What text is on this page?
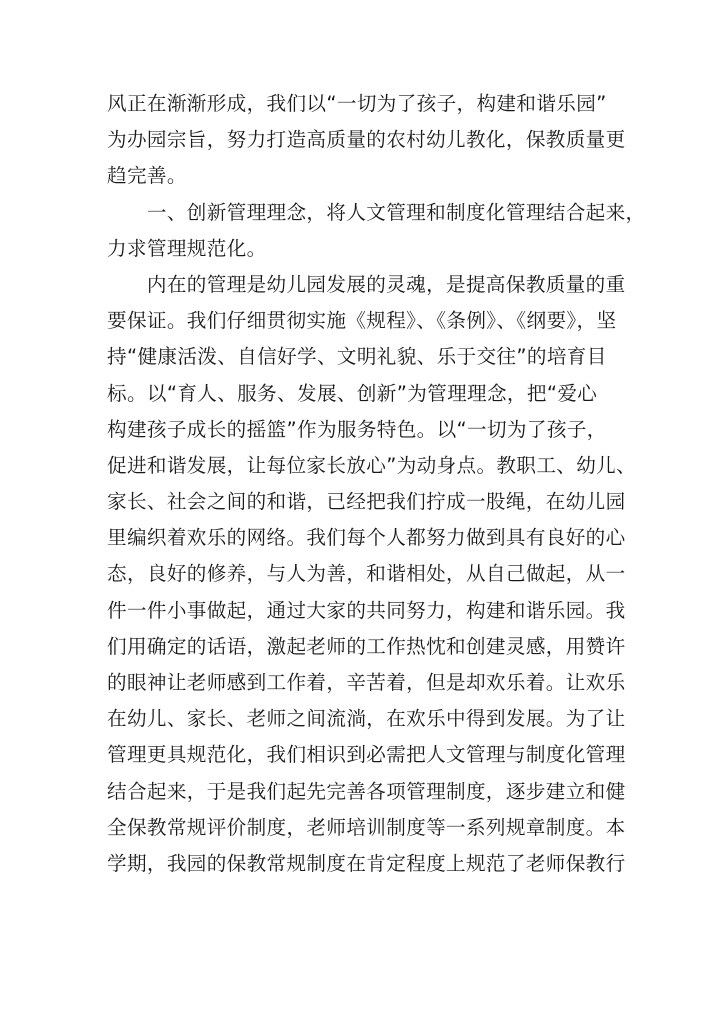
风正在渐渐形成，我们以“一切为了孩子，构建和谐乐园”
为办园宗旨，努力打造高质量的农村幼儿教化，保教质量更
趋完善。
　　一、创新管理理念，将人文管理和制度化管理结合起来，
力求管理规范化。
　　内在的管理是幼儿园发展的灵魂，是提高保教质量的重
要保证。我们仔细贯彻实施《规程》、《条例》、《纲要》，坚
持“健康活泼、自信好学、文明礼貌、乐于交往”的培育目
标。以“育人、服务、发展、创新”为管理理念，把“爱心
构建孩子成长的摇篮”作为服务特色。以“一切为了孩子，
促进和谐发展，让每位家长放心”为动身点。教职工、幼儿、
家长、社会之间的和谐，已经把我们拧成一股绳，在幼儿园
里编织着欢乐的网络。我们每个人都努力做到具有良好的心
态，良好的修养，与人为善，和谐相处，从自己做起，从一
件一件小事做起，通过大家的共同努力，构建和谐乐园。我
们用确定的话语，激起老师的工作热忱和创建灵感，用赞许
的眼神让老师感到工作着，辛苦着，但是却欢乐着。让欢乐
在幼儿、家长、老师之间流淌，在欢乐中得到发展。为了让
管理更具规范化，我们相识到必需把人文管理与制度化管理
结合起来，于是我们起先完善各项管理制度，逐步建立和健
全保教常规评价制度，老师培训制度等一系列规章制度。本
学期，我园的保教常规制度在肯定程度上规范了老师保教行
